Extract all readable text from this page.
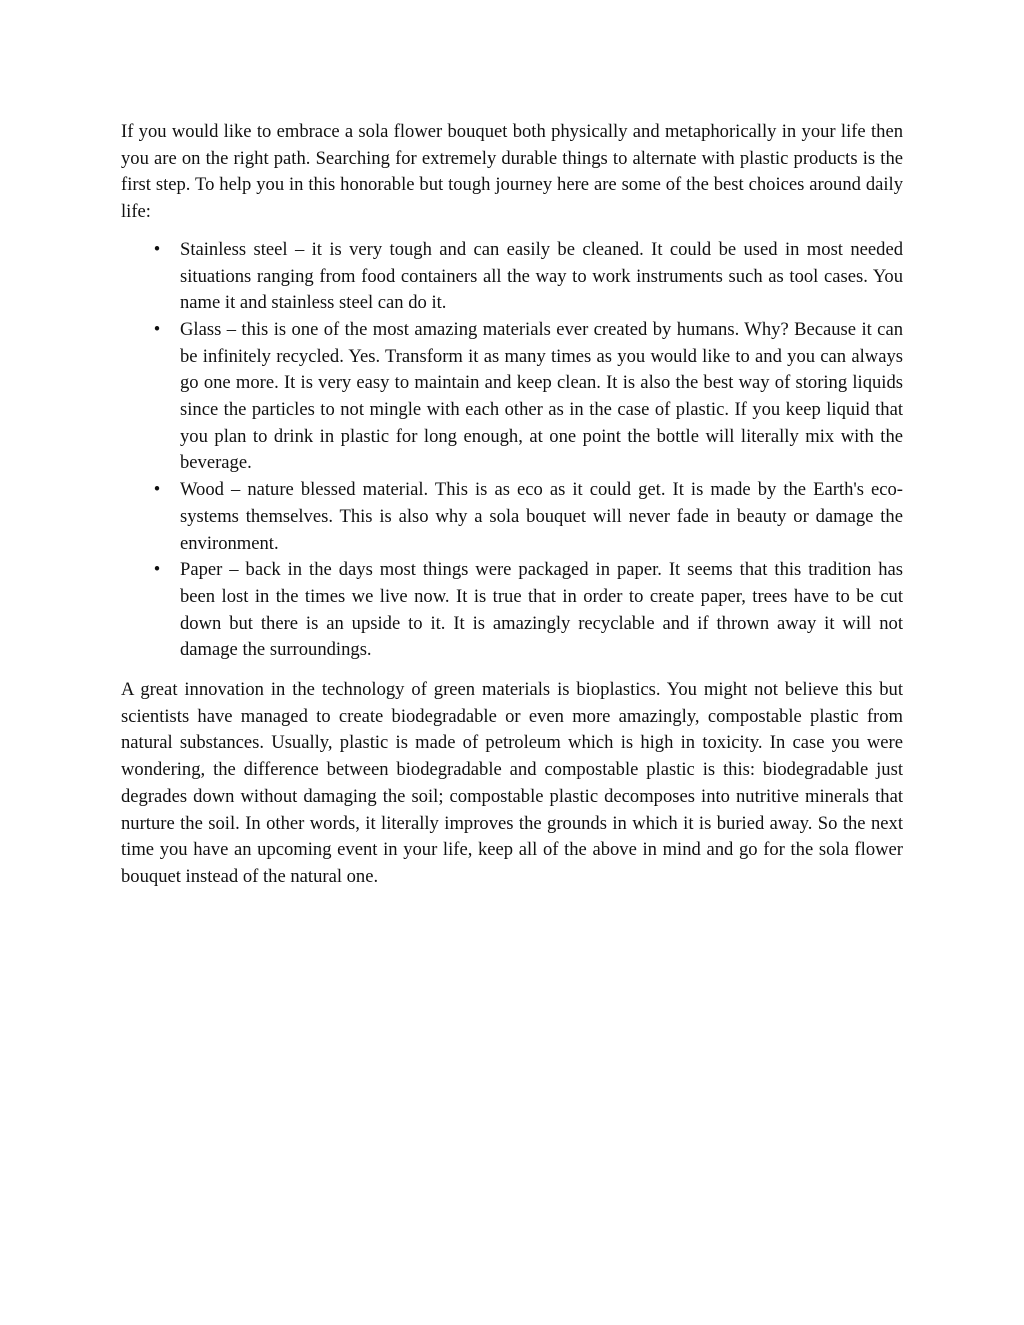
If you would like to embrace a sola flower bouquet both physically and metaphorically in your life then you are on the right path. Searching for extremely durable things to alternate with plastic products is the first step. To help you in this honorable but tough journey here are some of the best choices around daily life:

• Stainless steel – it is very tough and can easily be cleaned. It could be used in most needed situations ranging from food containers all the way to work instruments such as tool cases. You name it and stainless steel can do it.
• Glass – this is one of the most amazing materials ever created by humans. Why? Because it can be infinitely recycled. Yes. Transform it as many times as you would like to and you can always go one more. It is very easy to maintain and keep clean. It is also the best way of storing liquids since the particles to not mingle with each other as in the case of plastic. If you keep liquid that you plan to drink in plastic for long enough, at one point the bottle will literally mix with the beverage.
• Wood – nature blessed material. This is as eco as it could get. It is made by the Earth's eco-systems themselves. This is also why a sola bouquet will never fade in beauty or damage the environment.
• Paper – back in the days most things were packaged in paper. It seems that this tradition has been lost in the times we live now. It is true that in order to create paper, trees have to be cut down but there is an upside to it. It is amazingly recyclable and if thrown away it will not damage the surroundings.

A great innovation in the technology of green materials is bioplastics. You might not believe this but scientists have managed to create biodegradable or even more amazingly, compostable plastic from natural substances. Usually, plastic is made of petroleum which is high in toxicity. In case you were wondering, the difference between biodegradable and compostable plastic is this: biodegradable just degrades down without damaging the soil; compostable plastic decomposes into nutritive minerals that nurture the soil. In other words, it literally improves the grounds in which it is buried away. So the next time you have an upcoming event in your life, keep all of the above in mind and go for the sola flower bouquet instead of the natural one.
